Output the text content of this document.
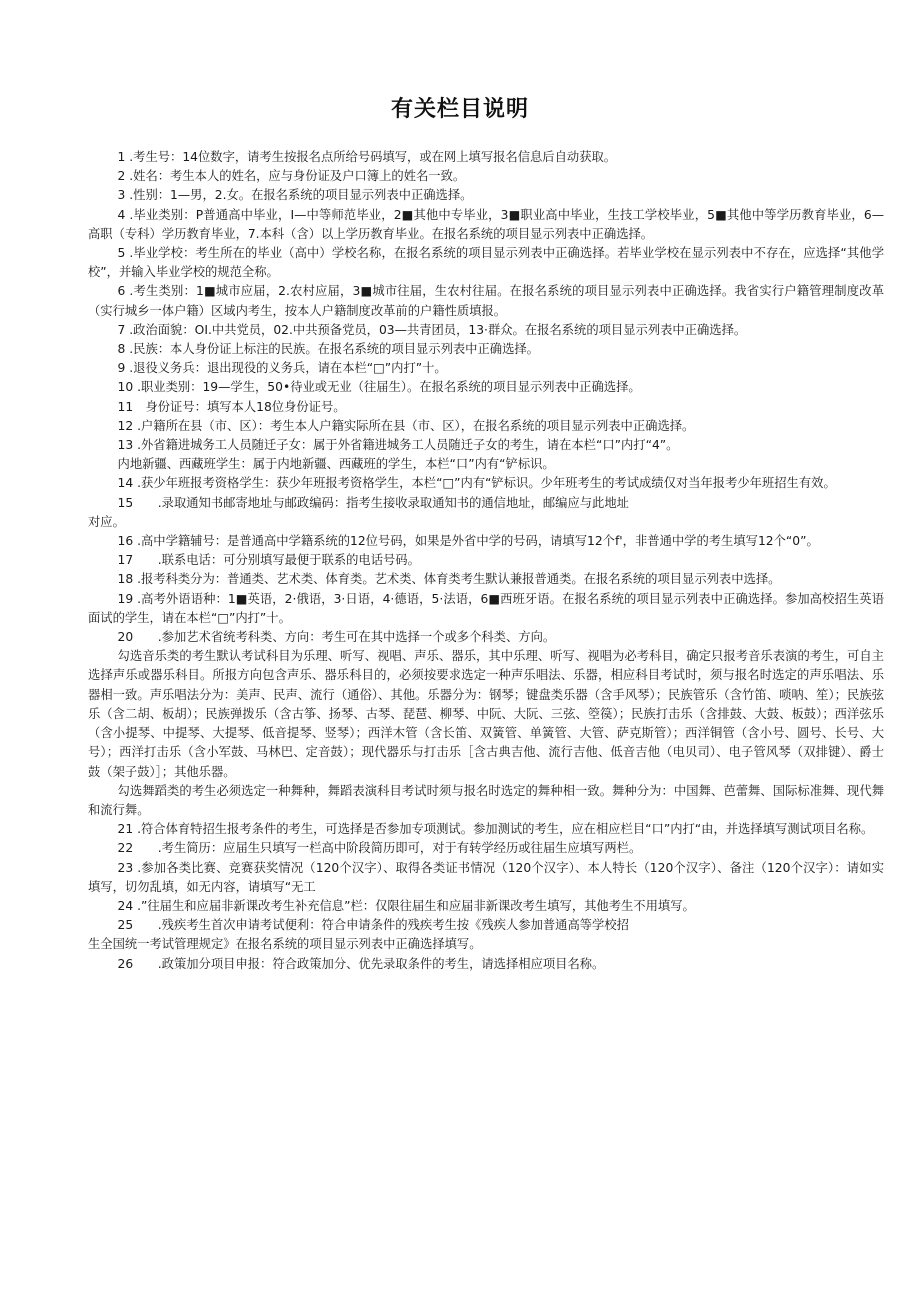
有关栏目说明

1 .考生号：14位数字，请考生按报名点所给号码填写，或在网上填写报名信息后自动获取。

2 .姓名：考生本人的姓名，应与身份证及户口簿上的姓名一致。

3 .性别：1—男，2.女。在报名系统的项目显示列表中正确选择。

4 .毕业类别：P普通高中毕业，I—中等师范毕业，2■其他中专毕业，3■职业高中毕业，生技工学校毕业，5■其他中等学历教育毕业，6—高职（专科）学历教育毕业，7.本科（含）以上学历教育毕业。在报名系统的项目显示列表中正确选择。

5 .毕业学校：考生所在的毕业（高中）学校名称，在报名系统的项目显示列表中正确选择。若毕业学校在显示列表中不存在，应选择“其他学校”，并输入毕业学校的规范全称。

6 .考生类别：1■城市应届，2.农村应届，3■城市往届，生农村往届。在报名系统的项目显示列表中正确选择。我省实行户籍管理制度改革（实行城乡一体户籍）区域内考生，按本人户籍制度改革前的户籍性质填报。

7 .政治面貌：OI.中共党员，02.中共预备党员，03—共青团员，13·群众。在报名系统的项目显示列表中正确选择。

8 .民族：本人身份证上标注的民族。在报名系统的项目显示列表中正确选择。

9 .退役义务兵：退出现役的义务兵，请在本栏“□”内打”十。

10 .职业类别：19—学生，50•待业或无业（往届生）。在报名系统的项目显示列表中正确选择。

11　身份证号：填写本人18位身份证号。

12 .户籍所在县（市、区）：考生本人户籍实际所在县（市、区），在报名系统的项目显示列表中正确选择。

13 .外省籍进城务工人员随迁子女：属于外省籍进城务工人员随迁子女的考生，请在本栏“口”内打“4”。

内地新疆、西藏班学生：属于内地新疆、西藏班的学生，本栏“口”内有“铲标识。

14 .获少年班报考资格学生：获少年班报考资格学生，本栏“□”内有“铲标识。少年班考生的考试成绩仅对当年报考少年班招生有效。

15　　.录取通知书邮寄地址与邮政编码：指考生接收录取通知书的通信地址，邮编应与此地址

对应。

16 .高中学籍辅号：是普通高中学籍系统的12位号码，如果是外省中学的号码，请填写12个f'，非普通中学的考生填写12个“0”。

17　　.联系电话：可分别填写最便于联系的电话号码。

18 .报考科类分为：普通类、艺术类、体育类。艺术类、体育类考生默认兼报普通类。在报名系统的项目显示列表中选择。

19 .高考外语语种：1■英语，2·俄语，3·日语，4·德语，5·法语，6■西班牙语。在报名系统的项目显示列表中正确选择。参加高校招生英语面试的学生，请在本栏“□”内打”十。

20　　.参加艺术省统考科类、方向：考生可在其中选择一个或多个科类、方向。

勾选音乐类的考生默认考试科目为乐理、听写、视唱、声乐、器乐，其中乐理、听写、视唱为必考科目，确定只报考音乐表演的考生，可自主选择声乐或器乐科目。所报方向包含声乐、器乐科目的，必须按要求选定一种声乐唱法、乐器，相应科目考试时，须与报名时选定的声乐唱法、乐器相一致。声乐唱法分为：美声、民声、流行（通俗）、其他。乐器分为：钢琴；键盘类乐器（含手风琴）；民族管乐（含竹笛、唢呐、笙）；民族弦乐（含二胡、板胡）；民族弹拨乐（含古筝、扬琴、古琴、琵琶、柳琴、中阮、大阮、三弦、箜篌）；民族打击乐（含排鼓、大鼓、板鼓）；西洋弦乐（含小提琴、中提琴、大提琴、低音提琴、竖琴）；西洋木管（含长笛、双簧管、单簧管、大管、萨克斯管）；西洋铜管（含小号、圆号、长号、大号）；西洋打击乐（含小军鼓、马林巴、定音鼓）；现代器乐与打击乐［含古典吉他、流行吉他、低音吉他（电贝司）、电子管风琴（双排键）、爵士鼓（架子鼓）］；其他乐器。

勾选舞蹈类的考生必须选定一种舞种，舞蹈表演科目考试时须与报名时选定的舞种相一致。舞种分为：中国舞、芭蕾舞、国际标准舞、现代舞和流行舞。

21 .符合体育特招生报考条件的考生，可选择是否参加专项测试。参加测试的考生，应在相应栏目“口”内打“由，并选择填写测试项目名称。

22　　.考生简历：应届生只填写一栏高中阶段简历即可，对于有转学经历或往届生应填写两栏。

23 .参加各类比赛、竞赛获奖情况（120个汉字）、取得各类证书情况（120个汉字）、本人特长（120个汉字）、备注（120个汉字）：请如实填写，切勿乱填，如无内容，请填写“无工

24 .”往届生和应届非新课改考生补充信息”栏：仅限往届生和应届非新课改考生填写，其他考生不用填写。

25　　.残疾考生首次申请考试便利：符合申请条件的残疾考生按《残疾人参加普通高等学校招

生全国统一考试管理规定》在报名系统的项目显示列表中正确选择填写。

26　　.政策加分项目申报：符合政策加分、优先录取条件的考生，请选择相应项目名称。
